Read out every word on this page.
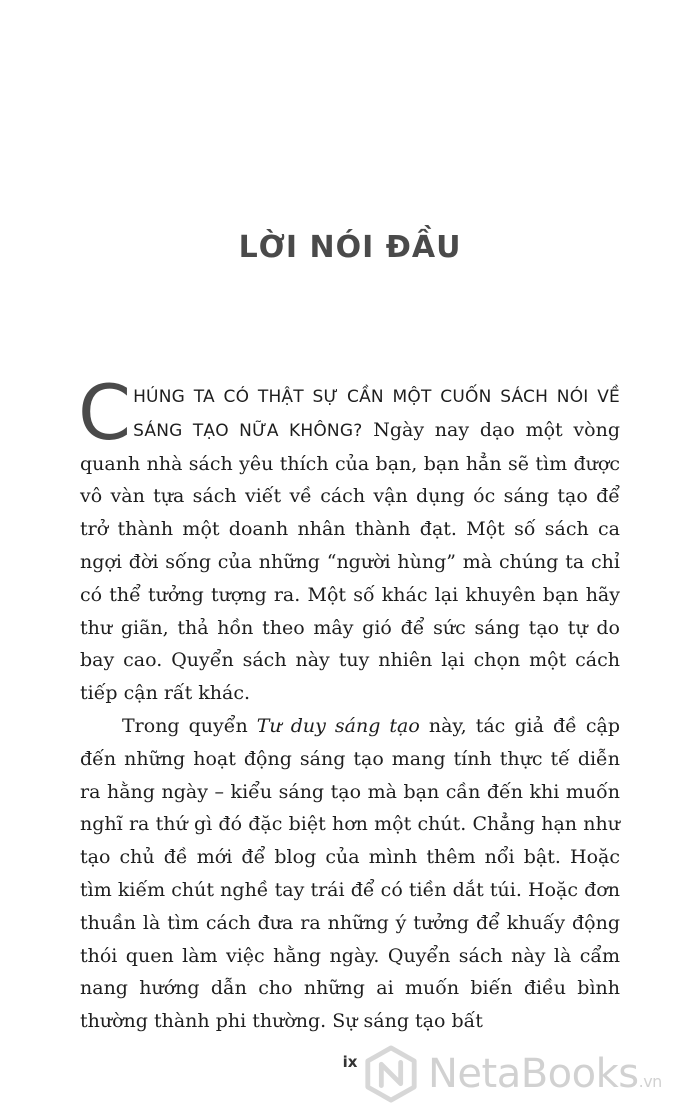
LỜI NÓI ĐẦU

CHÚNG TA CÓ THẬT SỰ CẦN MỘT CUỐN SÁCH NÓI VỀ SÁNG TẠO NỮA KHÔNG? Ngày nay dạo một vòng quanh nhà sách yêu thích của bạn, bạn hẳn sẽ tìm được vô vàn tựa sách viết về cách vận dụng óc sáng tạo để trở thành một doanh nhân thành đạt. Một số sách ca ngợi đời sống của những “người hùng” mà chúng ta chỉ có thể tưởng tượng ra. Một số khác lại khuyên bạn hãy thư giãn, thả hồn theo mây gió để sức sáng tạo tự do bay cao. Quyển sách này tuy nhiên lại chọn một cách tiếp cận rất khác.

Trong quyển Tư duy sáng tạo này, tác giả đề cập đến những hoạt động sáng tạo mang tính thực tế diễn ra hằng ngày – kiểu sáng tạo mà bạn cần đến khi muốn nghĩ ra thứ gì đó đặc biệt hơn một chút. Chẳng hạn như tạo chủ đề mới để blog của mình thêm nổi bật. Hoặc tìm kiếm chút nghề tay trái để có tiền dắt túi. Hoặc đơn thuần là tìm cách đưa ra những ý tưởng để khuấy động thói quen làm việc hằng ngày. Quyển sách này là cẩm nang hướng dẫn cho những ai muốn biến điều bình thường thành phi thường. Sự sáng tạo bất

ix	NetaBooks.vn
